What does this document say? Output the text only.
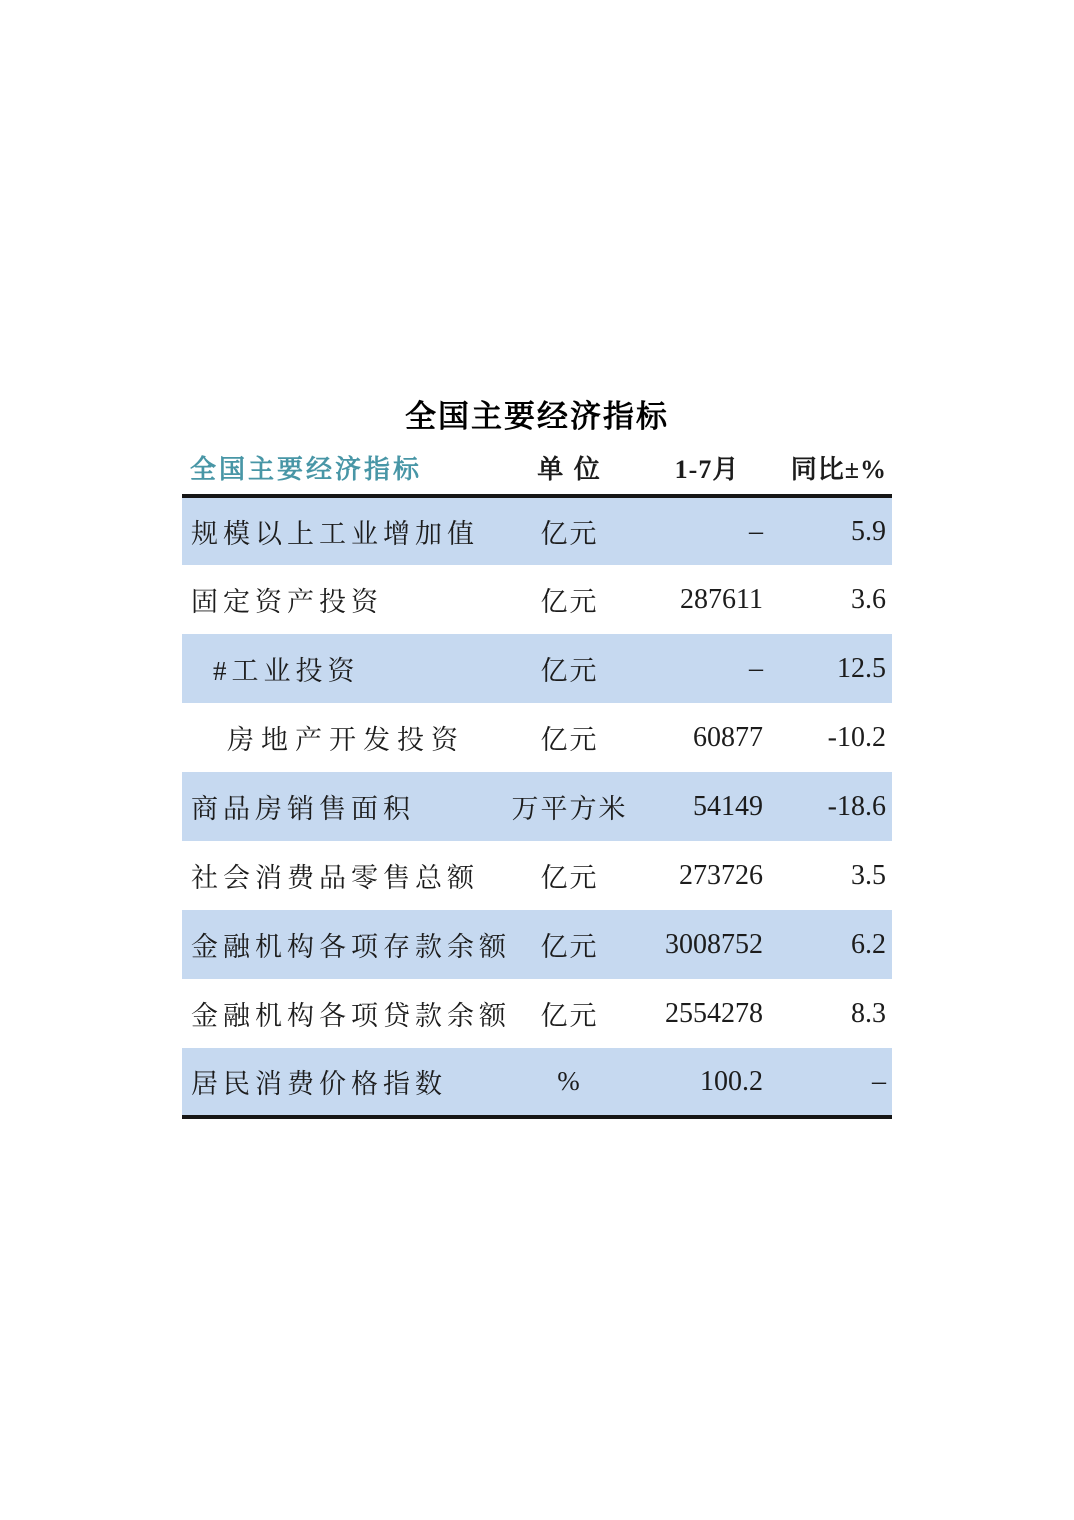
全国主要经济指标
全国主要经济指标	单 位	1-7月	同比±%
规模以上工业增加值	亿元	–	5.9
固定资产投资	亿元	287611	3.6
#工业投资	亿元	–	12.5
房地产开发投资	亿元	60877	-10.2
商品房销售面积	万平方米	54149	-18.6
社会消费品零售总额	亿元	273726	3.5
金融机构各项存款余额	亿元	3008752	6.2
金融机构各项贷款余额	亿元	2554278	8.3
居民消费价格指数	%	100.2	–
